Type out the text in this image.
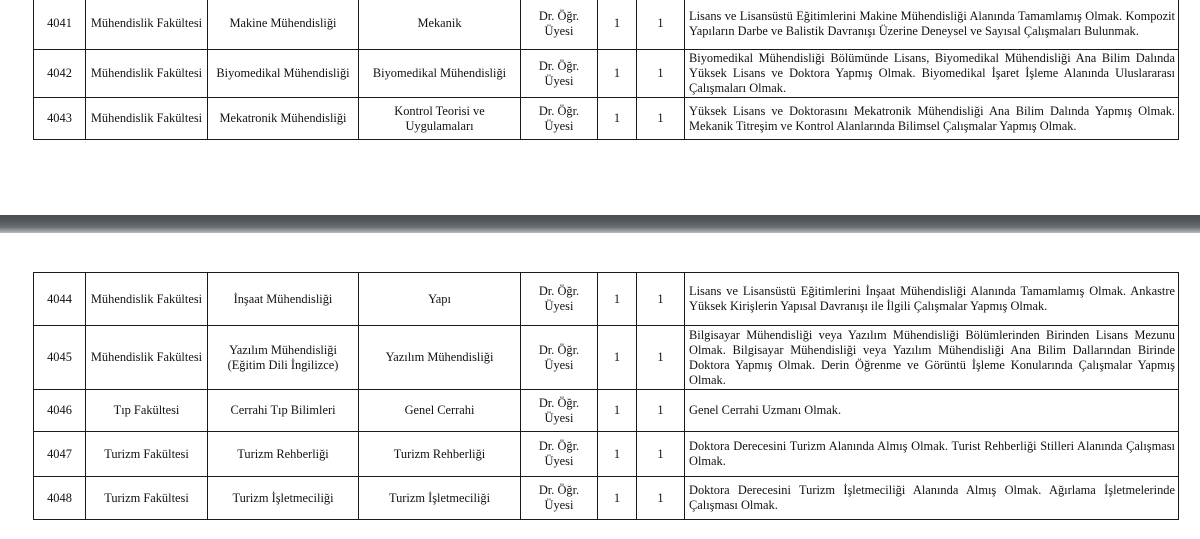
4041	Mühendislik Fakültesi	Makine Mühendisliği	Mekanik	Dr. Öğr. Üyesi	1	1	Lisans ve Lisansüstü Eğitimlerini Makine Mühendisliği Alanında Tamamlamış Olmak. Kompozit Yapıların Darbe ve Balistik Davranışı Üzerine Deneysel ve Sayısal Çalışmaları Bulunmak.
4042	Mühendislik Fakültesi	Biyomedikal Mühendisliği	Biyomedikal Mühendisliği	Dr. Öğr. Üyesi	1	1	Biyomedikal Mühendisliği Bölümünde Lisans, Biyomedikal Mühendisliği Ana Bilim Dalında Yüksek Lisans ve Doktora Yapmış Olmak. Biyomedikal İşaret İşleme Alanında Uluslararası Çalışmaları Olmak.
4043	Mühendislik Fakültesi	Mekatronik Mühendisliği	Kontrol Teorisi ve Uygulamaları	Dr. Öğr. Üyesi	1	1	Yüksek Lisans ve Doktorasını Mekatronik Mühendisliği Ana Bilim Dalında Yapmış Olmak. Mekanik Titreşim ve Kontrol Alanlarında Bilimsel Çalışmalar Yapmış Olmak.
4044	Mühendislik Fakültesi	İnşaat Mühendisliği	Yapı	Dr. Öğr. Üyesi	1	1	Lisans ve Lisansüstü Eğitimlerini İnşaat Mühendisliği Alanında Tamamlamış Olmak. Ankastre Yüksek Kirişlerin Yapısal Davranışı ile İlgili Çalışmalar Yapmış Olmak.
4045	Mühendislik Fakültesi	Yazılım Mühendisliği (Eğitim Dili İngilizce)	Yazılım Mühendisliği	Dr. Öğr. Üyesi	1	1	Bilgisayar Mühendisliği veya Yazılım Mühendisliği Bölümlerinden Birinden Lisans Mezunu Olmak. Bilgisayar Mühendisliği veya Yazılım Mühendisliği Ana Bilim Dallarından Birinde Doktora Yapmış Olmak. Derin Öğrenme ve Görüntü İşleme Konularında Çalışmalar Yapmış Olmak.
4046	Tıp Fakültesi	Cerrahi Tıp Bilimleri	Genel Cerrahi	Dr. Öğr. Üyesi	1	1	Genel Cerrahi Uzmanı Olmak.
4047	Turizm Fakültesi	Turizm Rehberliği	Turizm Rehberliği	Dr. Öğr. Üyesi	1	1	Doktora Derecesini Turizm Alanında Almış Olmak. Turist Rehberliği Stilleri Alanında Çalışması Olmak.
4048	Turizm Fakültesi	Turizm İşletmeciliği	Turizm İşletmeciliği	Dr. Öğr. Üyesi	1	1	Doktora Derecesini Turizm İşletmeciliği Alanında Almış Olmak. Ağırlama İşletmelerinde Çalışması Olmak.
